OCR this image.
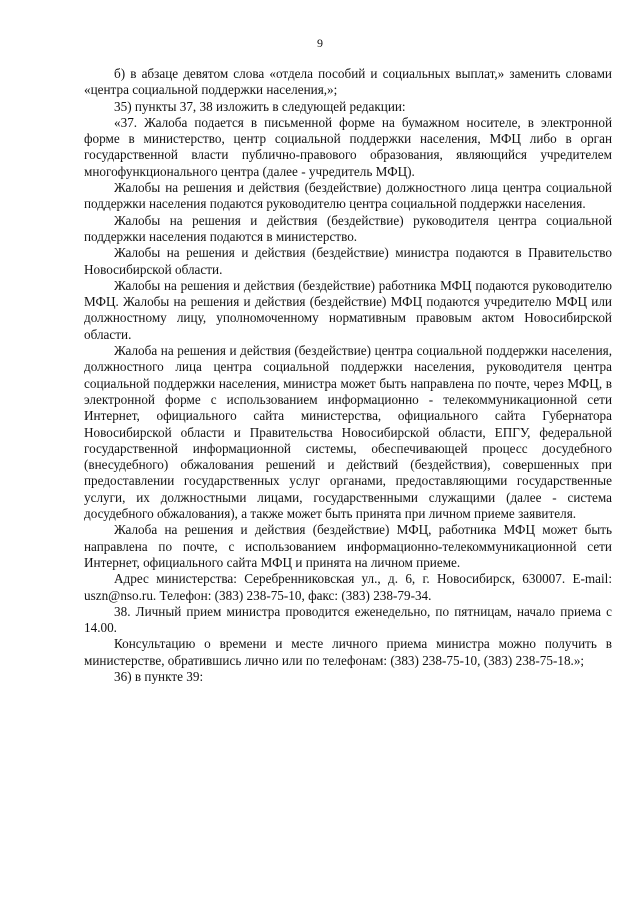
9

б) в абзаце девятом слова «отдела пособий и социальных выплат,» заменить словами «центра социальной поддержки населения,»;

35) пункты 37, 38 изложить в следующей редакции:

«37. Жалоба подается в письменной форме на бумажном носителе, в электронной форме в министерство, центр социальной поддержки населения, МФЦ либо в орган государственной власти публично-правового образования, являющийся учредителем многофункционального центра (далее - учредитель МФЦ).

Жалобы на решения и действия (бездействие) должностного лица центра социальной поддержки населения подаются руководителю центра социальной поддержки населения.

Жалобы на решения и действия (бездействие) руководителя центра социальной поддержки населения подаются в министерство.

Жалобы на решения и действия (бездействие) министра подаются в Правительство Новосибирской области.

Жалобы на решения и действия (бездействие) работника МФЦ подаются руководителю МФЦ. Жалобы на решения и действия (бездействие) МФЦ подаются учредителю МФЦ или должностному лицу, уполномоченному нормативным правовым актом Новосибирской области.

Жалоба на решения и действия (бездействие) центра социальной поддержки населения, должностного лица центра социальной поддержки населения, руководителя центра социальной поддержки населения, министра может быть направлена по почте, через МФЦ, в электронной форме с использованием информационно - телекоммуникационной сети Интернет, официального сайта министерства, официального сайта Губернатора Новосибирской области и Правительства Новосибирской области, ЕПГУ, федеральной государственной информационной системы, обеспечивающей процесс досудебного (внесудебного) обжалования решений и действий (бездействия), совершенных при предоставлении государственных услуг органами, предоставляющими государственные услуги, их должностными лицами, государственными служащими (далее - система досудебного обжалования), а также может быть принята при личном приеме заявителя.

Жалоба на решения и действия (бездействие) МФЦ, работника МФЦ может быть направлена по почте, с использованием информационно-телекоммуникационной сети Интернет, официального сайта МФЦ и принята на личном приеме.

Адрес министерства: Серебренниковская ул., д. 6, г. Новосибирск, 630007. E-mail: uszn@nso.ru. Телефон: (383) 238-75-10, факс: (383) 238-79-34.

38. Личный прием министра проводится еженедельно, по пятницам, начало приема с 14.00.

Консультацию о времени и месте личного приема министра можно получить в министерстве, обратившись лично или по телефонам: (383) 238-75-10, (383) 238-75-18.»;

36) в пункте 39:
